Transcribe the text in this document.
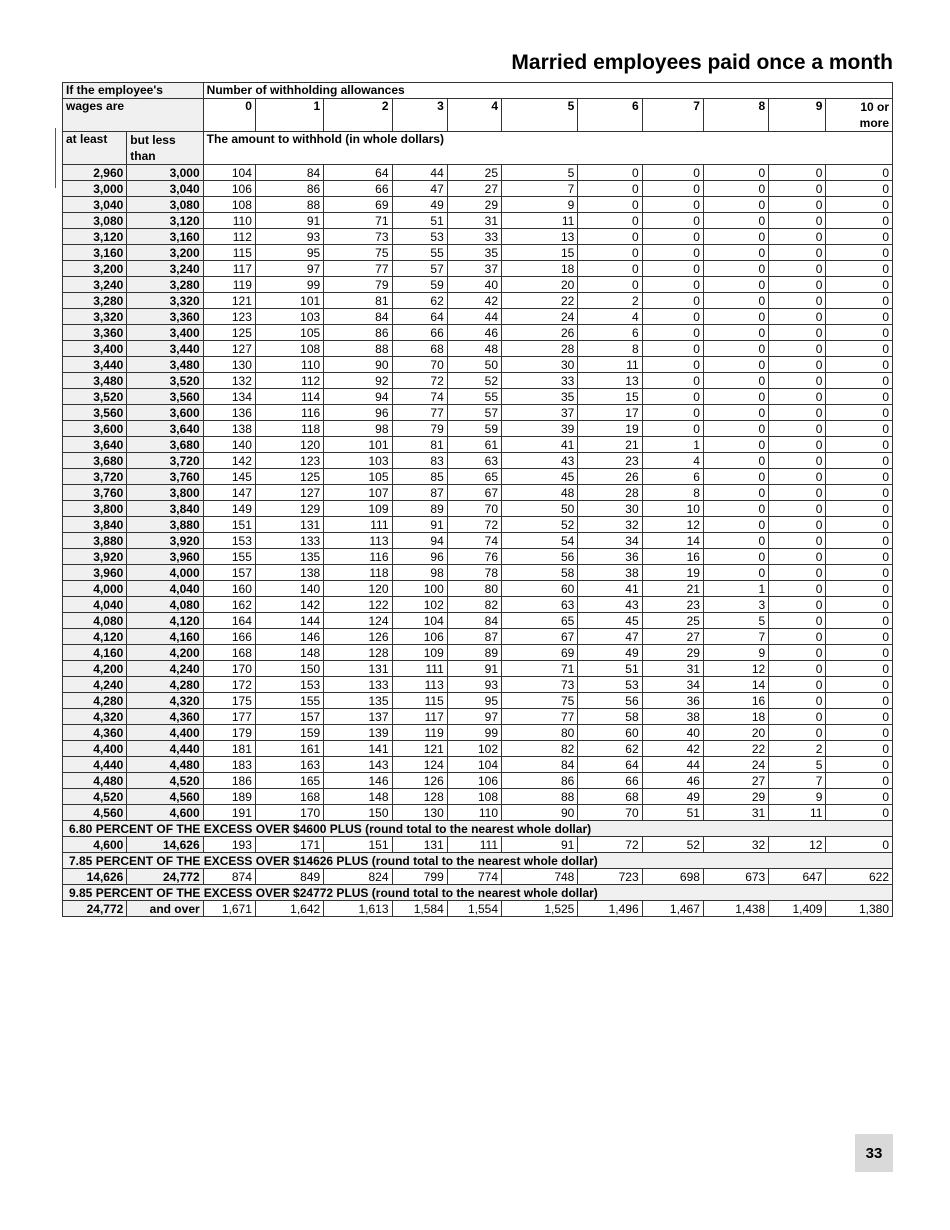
Married employees paid once a month
If the employee's		Number of withholding allowances										
wages are		0	1	2	3	4	5	6	7	8	9	10 or
more

at least	but less
than	The amount to withhold (in whole dollars)										
2,960	3,000	104	84	64	44	25	5	0	0	0	0	0
3,000	3,040	106	86	66	47	27	7	0	0	0	0	0
3,040	3,080	108	88	69	49	29	9	0	0	0	0	0
3,080	3,120	110	91	71	51	31	11	0	0	0	0	0
3,120	3,160	112	93	73	53	33	13	0	0	0	0	0
3,160	3,200	115	95	75	55	35	15	0	0	0	0	0
3,200	3,240	117	97	77	57	37	18	0	0	0	0	0
3,240	3,280	119	99	79	59	40	20	0	0	0	0	0
3,280	3,320	121	101	81	62	42	22	2	0	0	0	0
3,320	3,360	123	103	84	64	44	24	4	0	0	0	0
3,360	3,400	125	105	86	66	46	26	6	0	0	0	0
3,400	3,440	127	108	88	68	48	28	8	0	0	0	0
3,440	3,480	130	110	90	70	50	30	11	0	0	0	0
3,480	3,520	132	112	92	72	52	33	13	0	0	0	0
3,520	3,560	134	114	94	74	55	35	15	0	0	0	0
3,560	3,600	136	116	96	77	57	37	17	0	0	0	0
3,600	3,640	138	118	98	79	59	39	19	0	0	0	0
3,640	3,680	140	120	101	81	61	41	21	1	0	0	0
3,680	3,720	142	123	103	83	63	43	23	4	0	0	0
3,720	3,760	145	125	105	85	65	45	26	6	0	0	0
3,760	3,800	147	127	107	87	67	48	28	8	0	0	0
3,800	3,840	149	129	109	89	70	50	30	10	0	0	0
3,840	3,880	151	131	111	91	72	52	32	12	0	0	0
3,880	3,920	153	133	113	94	74	54	34	14	0	0	0
3,920	3,960	155	135	116	96	76	56	36	16	0	0	0
3,960	4,000	157	138	118	98	78	58	38	19	0	0	0
4,000	4,040	160	140	120	100	80	60	41	21	1	0	0
4,040	4,080	162	142	122	102	82	63	43	23	3	0	0
4,080	4,120	164	144	124	104	84	65	45	25	5	0	0
4,120	4,160	166	146	126	106	87	67	47	27	7	0	0
4,160	4,200	168	148	128	109	89	69	49	29	9	0	0
4,200	4,240	170	150	131	111	91	71	51	31	12	0	0
4,240	4,280	172	153	133	113	93	73	53	34	14	0	0
4,280	4,320	175	155	135	115	95	75	56	36	16	0	0
4,320	4,360	177	157	137	117	97	77	58	38	18	0	0
4,360	4,400	179	159	139	119	99	80	60	40	20	0	0
4,400	4,440	181	161	141	121	102	82	62	42	22	2	0
4,440	4,480	183	163	143	124	104	84	64	44	24	5	0
4,480	4,520	186	165	146	126	106	86	66	46	27	7	0
4,520	4,560	189	168	148	128	108	88	68	49	29	9	0
4,560	4,600	191	170	150	130	110	90	70	51	31	11	0
6.80 PERCENT OF THE EXCESS OVER $4600 PLUS (round total to the nearest whole dollar)												
4,600	14,626	193	171	151	131	111	91	72	52	32	12	0
7.85 PERCENT OF THE EXCESS OVER $14626 PLUS (round total to the nearest whole dollar)												
14,626	24,772	874	849	824	799	774	748	723	698	673	647	622
9.85 PERCENT OF THE EXCESS OVER $24772 PLUS (round total to the nearest whole dollar)												
24,772	and over	1,671	1,642	1,613	1,584	1,554	1,525	1,496	1,467	1,438	1,409	1,380
33
